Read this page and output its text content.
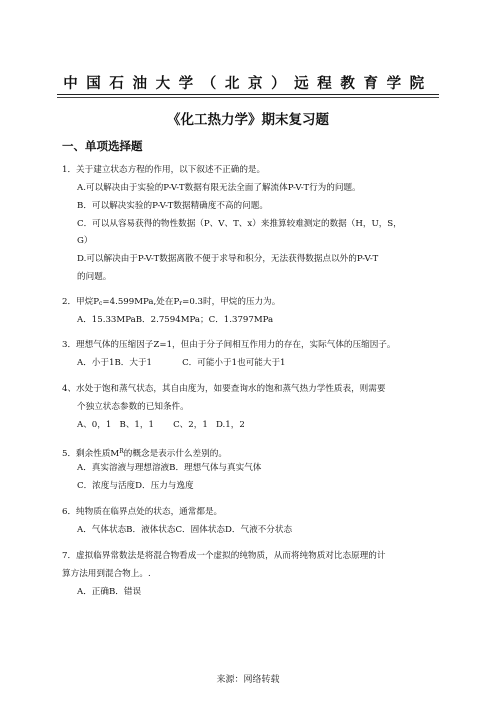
中国石油大学（北京）远程教育学院
《化工热力学》期末复习题
一、单项选择题
1．关于建立状态方程的作用，以下叙述不正确的是。
A.可以解决由于实验的P-V-T数据有限无法全面了解流体P-V-T行为的问题。
B．可以解决实验的P-V-T数据精确度不高的问题。
C．可以从容易获得的物性数据（P、V、T、x）来推算较难测定的数据（H，U，S，
G）
D.可以解决由于P-V-T数据离散不便于求导和积分，无法获得数据点以外的P-V-T
的问题。
2．甲烷$P_c=4.599MPa$,处在$P_r=0.3$时，甲烷的压力为。
A．15.33MPaB．2.7594MPa；C．1.3797MPa
3．理想气体的压缩因子Z=1，但由于分子间相互作用力的存在，实际气体的压缩因子。
A．小于1B．大于1           C．可能小于1也可能大于1
4、水处于饱和蒸气状态，其自由度为，如要查询水的饱和蒸气热力学性质表，则需要
个独立状态参数的已知条件。
A、0，1   B、1，1       C、2，1   D.1，2
5．剩余性质$M^R$的概念是表示什么差别的。
A．真实溶液与理想溶液B．理想气体与真实气体
C．浓度与活度D．压力与逸度
6．纯物质在临界点处的状态，通常都是。
A．气体状态B．液体状态C．固体状态D．气液不分状态
7．虚拟临界常数法是将混合物看成一个虚拟的纯物质，从而将纯物质对比态原理的计
算方法用到混合物上。.
A．正确B．错误
来源：网络转载
